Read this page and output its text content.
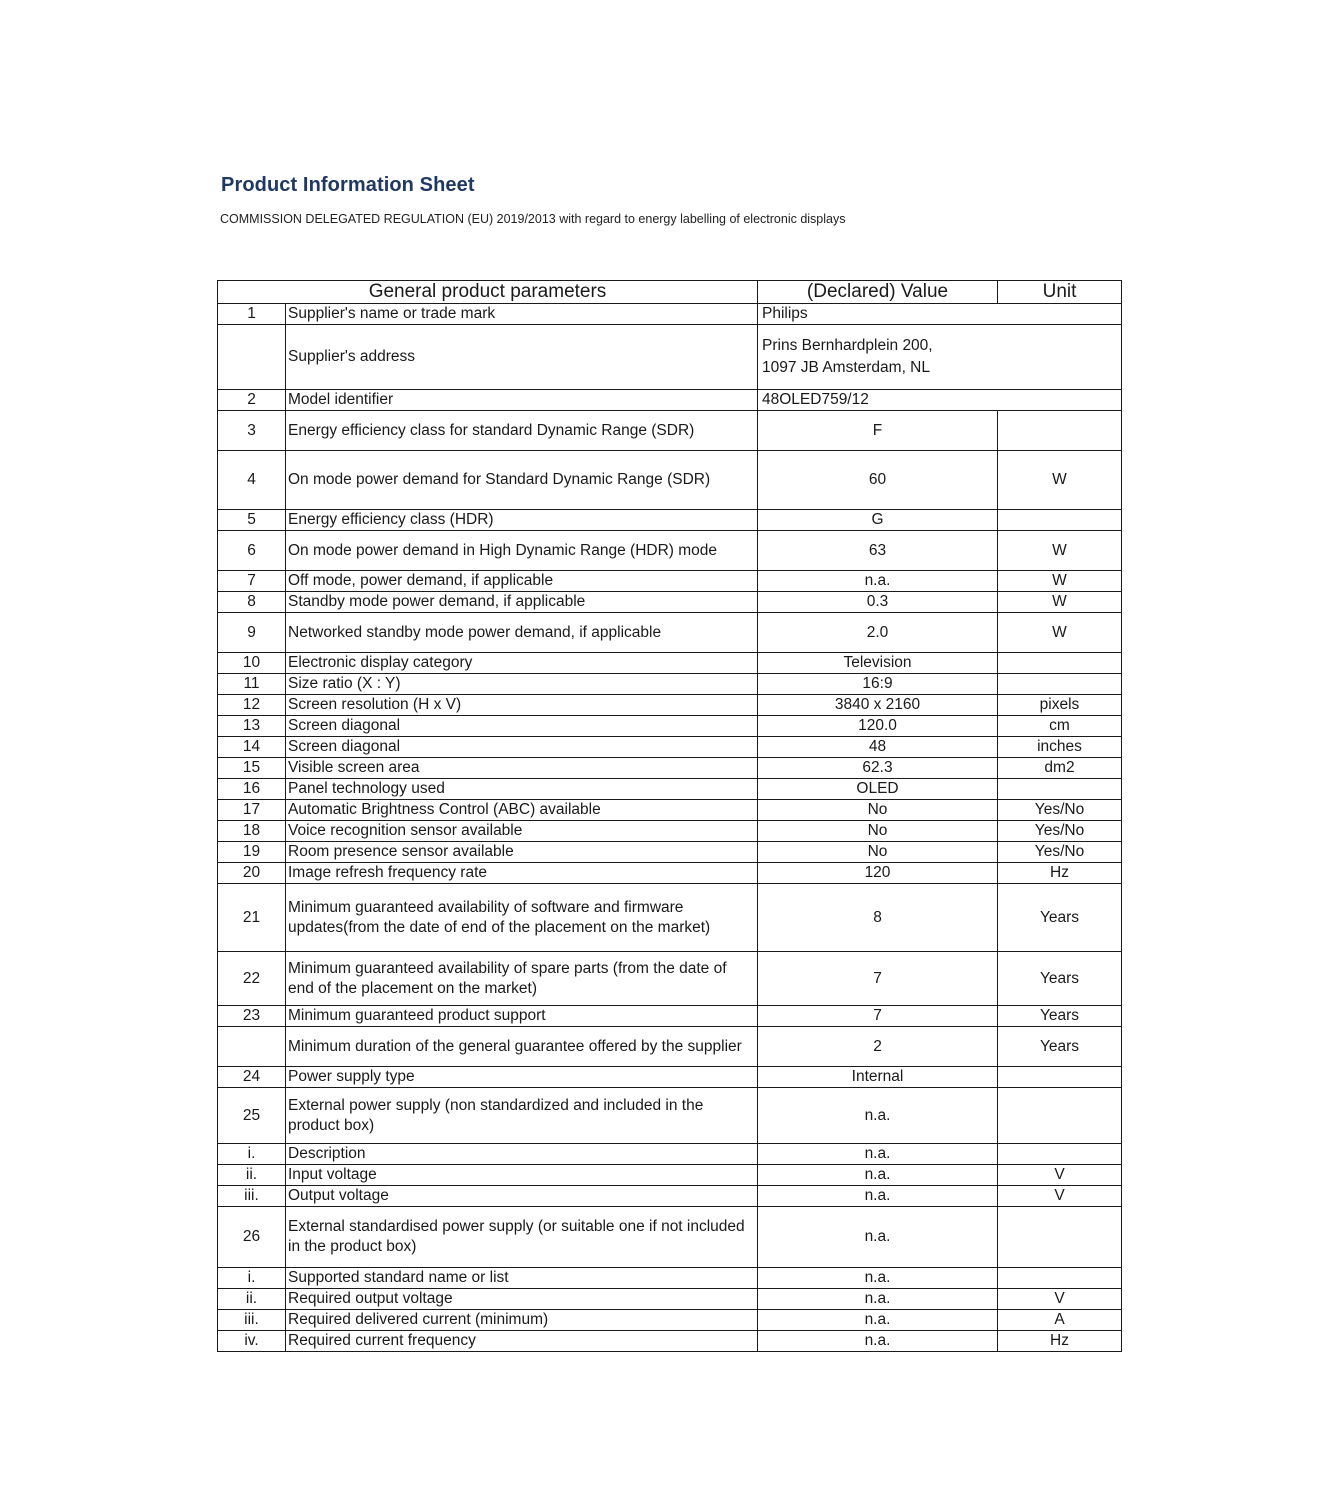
Product Information Sheet
COMMISSION DELEGATED REGULATION (EU) 2019/2013 with regard to energy labelling of electronic displays
General product parameters		(Declared) Value	Unit
1	Supplier's name or trade mark	Philips	
	Supplier's address	Prins Bernhardplein 200,
1097 JB Amsterdam, NL	

2	Model identifier	48OLED759/12	
3	Energy efficiency class for standard Dynamic Range (SDR)	F	
4	On mode power demand for Standard Dynamic Range (SDR)	60	W
5	Energy efficiency class (HDR)	G	
6	On mode power demand in High Dynamic Range (HDR) mode	63	W
7	Off mode, power demand, if applicable	n.a.	W
8	Standby mode power demand, if applicable	0.3	W
9	Networked standby mode power demand, if applicable	2.0	W
10	Electronic display category	Television	
11	Size ratio (X : Y)	16:9	
12	Screen resolution (H x V)	3840 x 2160	pixels
13	Screen diagonal	120.0	cm
14	Screen diagonal	48	inches
15	Visible screen area	62.3	dm2
16	Panel technology used	OLED	
17	Automatic Brightness Control (ABC) available	No	Yes/No
18	Voice recognition sensor available	No	Yes/No
19	Room presence sensor available	No	Yes/No
20	Image refresh frequency rate	120	Hz
21	Minimum guaranteed availability of software and firmware updates(from the date of end of the placement on the market)	8	Years
22	Minimum guaranteed availability of spare parts (from the date of end of the placement on the market)	7	Years
23	Minimum guaranteed product support	7	Years
	Minimum duration of the general guarantee offered by the supplier	2	Years
24	Power supply type	Internal	
25	External power supply (non standardized and included in the product box)	n.a.	
i.	Description	n.a.	
ii.	Input voltage	n.a.	V
iii.	Output voltage	n.a.	V
26	External standardised power supply (or suitable one if not included in the product box)	n.a.	
i.	Supported standard name or list	n.a.	
ii.	Required output voltage	n.a.	V
iii.	Required delivered current (minimum)	n.a.	A
iv.	Required current frequency	n.a.	Hz
